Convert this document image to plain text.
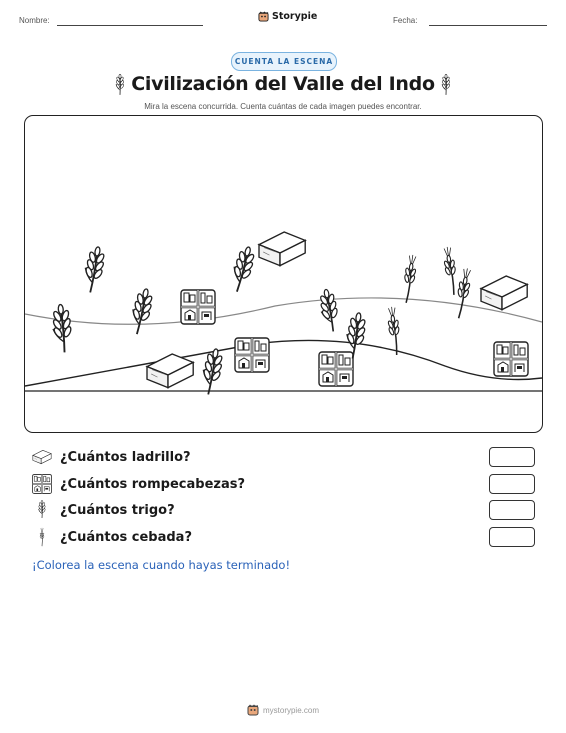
Nombre:	Storypie	Fecha:
CUENTA LA ESCENA
Civilización del Valle del Indo
Mira la escena concurrida. Cuenta cuántas de cada imagen puedes encontrar.
¿Cuántos ladrillo?
¿Cuántos rompecabezas?
¿Cuántos trigo?
¿Cuántos cebada?
¡Colorea la escena cuando hayas terminado!
mystorypie.com
